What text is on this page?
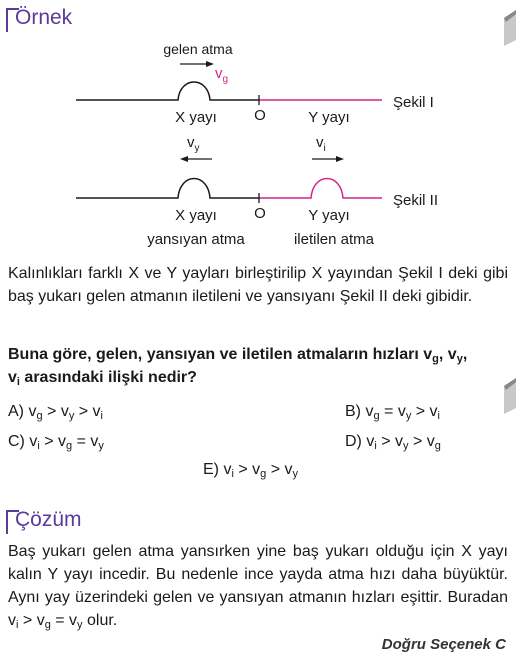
Örnek
gelen atma
$v_g$
X yayı O	Y yayı
Şekil I
$v_y$	$v_i$
X yayı O	Y yayı
Şekil II
yansıyan atma	iletilen atma
Kalınlıkları farklı X ve Y yayları birleştirilip X yayından Şekil I deki gibi baş yukarı gelen atmanın iletileni ve yansıyanı Şekil II deki gibidir.
Buna göre, gelen, yansıyan ve iletilen atmaların hızları $v_g$, $v_y$,
$v_i$ arasındaki ilişki nedir?
A) $v_g > v_y > v_i$	B) $v_g = v_y > v_i$
C) $v_i > v_g = v_y$	D) $v_i > v_y > v_g$
E) $v_i > v_g > v_y$
Çözüm
Baş yukarı gelen atma yansırken yine baş yukarı olduğu için X yayı kalın Y yayı incedir. Bu nedenle ince yayda atma hızı daha büyüktür. Aynı yay üzerindeki gelen ve yansıyan atmanın hızları eşittir. Buradan $v_i > v_g = v_y$ olur.
Doğru Seçenek C
